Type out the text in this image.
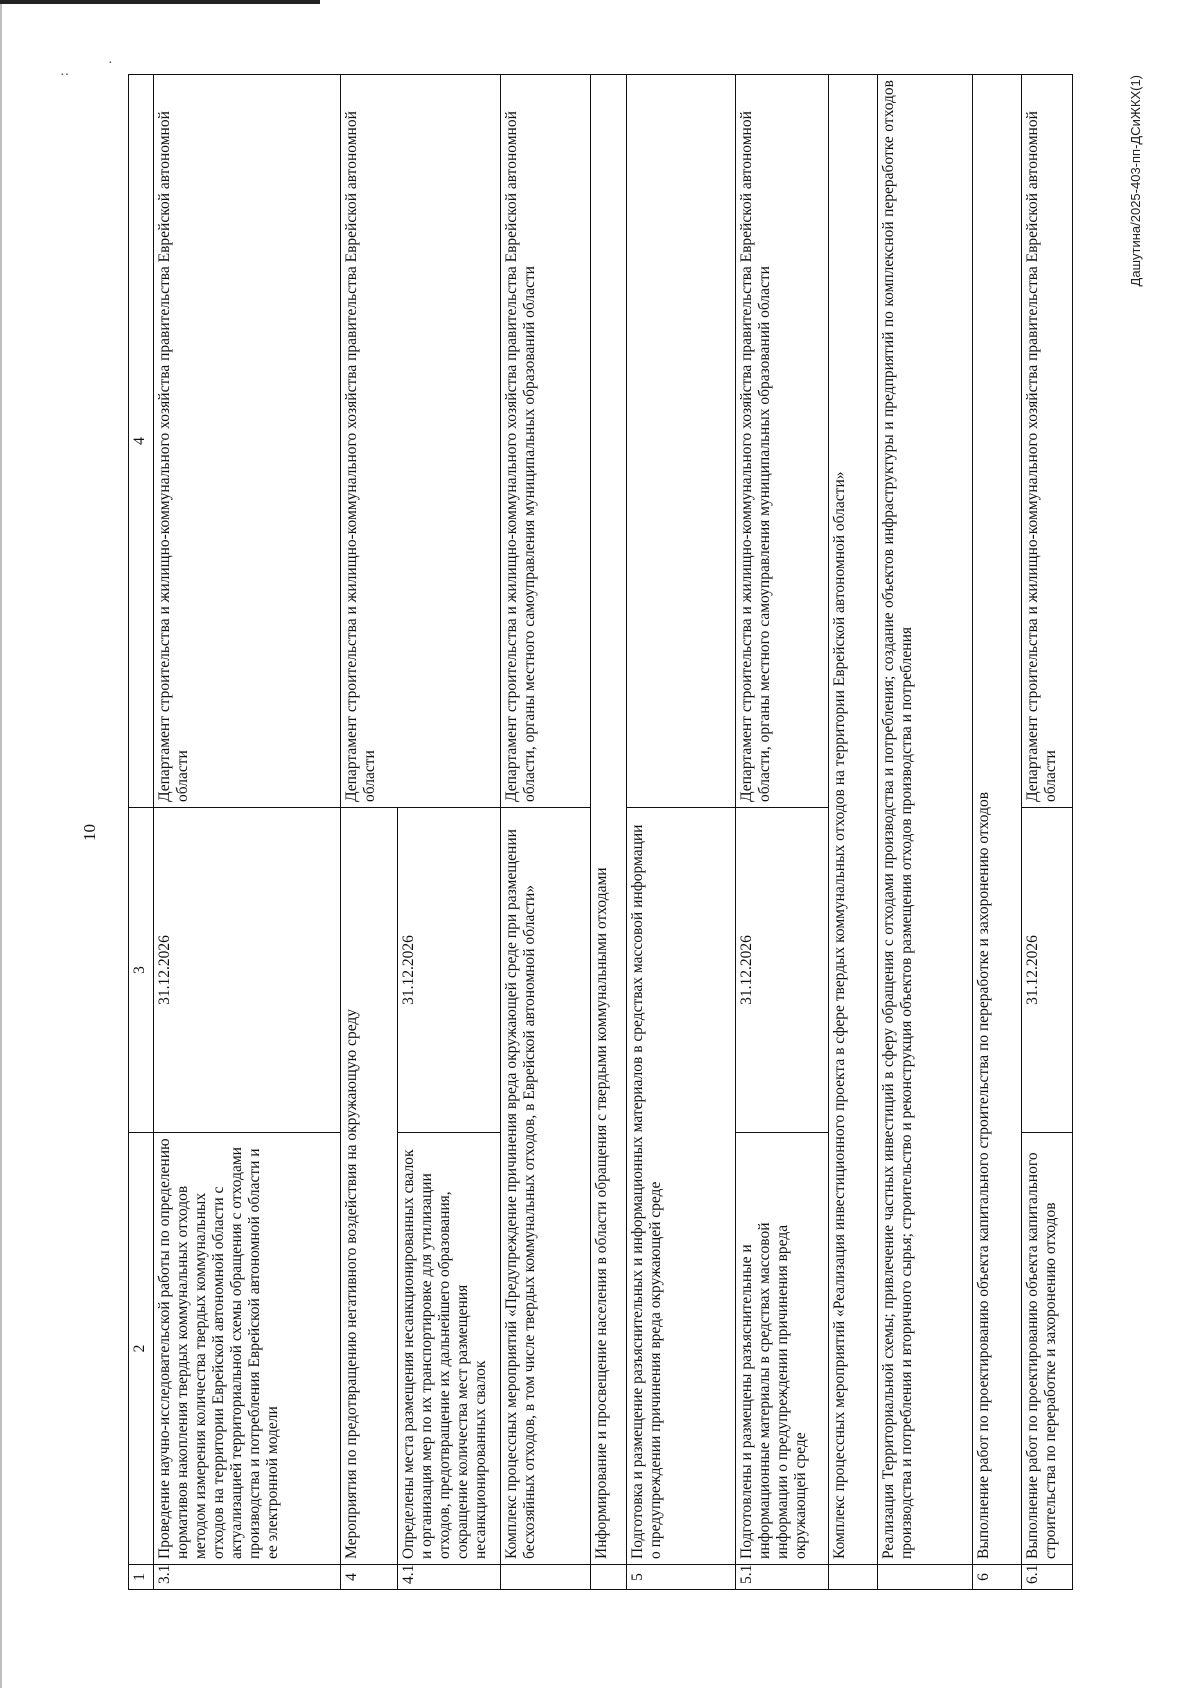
··
·
10
1	2	3	4
3.1	Проведение научно-исследовательской работы по определению нормативов накопления твердых коммунальных отходов методом измерения количества твердых коммунальных отходов на территории Еврейской автономной области с актуализацией территориальной схемы обращения с отходами производства и потребления Еврейской автономной области и ее электронной модели	31.12.2026	Департамент строительства и жилищно-коммунального хозяйства правительства Еврейской автономной области
4	Мероприятия по предотвращению негативного воздействия на окружающую среду		Департамент строительства и жилищно-коммунального хозяйства правительства Еврейской автономной области
4.1	Определены места размещения несанкционированных свалок и организация мер по их транспортировке для утилизации отходов, предотвращение их дальнейшего образования, сокращение количества мест размещения несанкционированных свалок	31.12.2026	
	Комплекс процессных мероприятий «Предупреждение причинения вреда окружающей среде при размещении бесхозяйных отходов, в том числе твердых коммунальных отходов, в Еврейской автономной области»		Департамент строительства и жилищно-коммунального хозяйства правительства Еврейской автономной области, органы местного самоуправления муниципальных образований области
	Информирование и просвещение населения в области обращения с твердыми коммунальными отходами		
5	Подготовка и размещение разъяснительных и информационных материалов в средствах массовой информации о предупреждении причинения вреда окружающей среде		
5.1	Подготовлены и размещены разъяснительные и информационные материалы в средствах массовой информации о предупреждении причинения вреда окружающей среде	31.12.2026	Департамент строительства и жилищно-коммунального хозяйства правительства Еврейской автономной области, органы местного самоуправления муниципальных образований области
	Комплекс процессных мероприятий «Реализация инвестиционного проекта в сфере твердых коммунальных отходов на территории Еврейской автономной области»		
	Реализация Территориальной схемы; привлечение частных инвестиций в сферу обращения с отходами производства и потребления; создание объектов инфраструктуры и предприятий по комплексной переработке отходов производства и потребления и вторичного сырья; строительство и реконструкция объектов размещения отходов производства и потребления		
6	Выполнение работ по проектированию объекта капитального строительства по переработке и захоронению отходов		
6.1	Выполнение работ по проектированию объекта капитального строительства по переработке и захоронению отходов	31.12.2026	Департамент строительства и жилищно-коммунального хозяйства правительства Еврейской автономной области
Дашутина/2025-403-пп-ДСиЖКХ(1)
